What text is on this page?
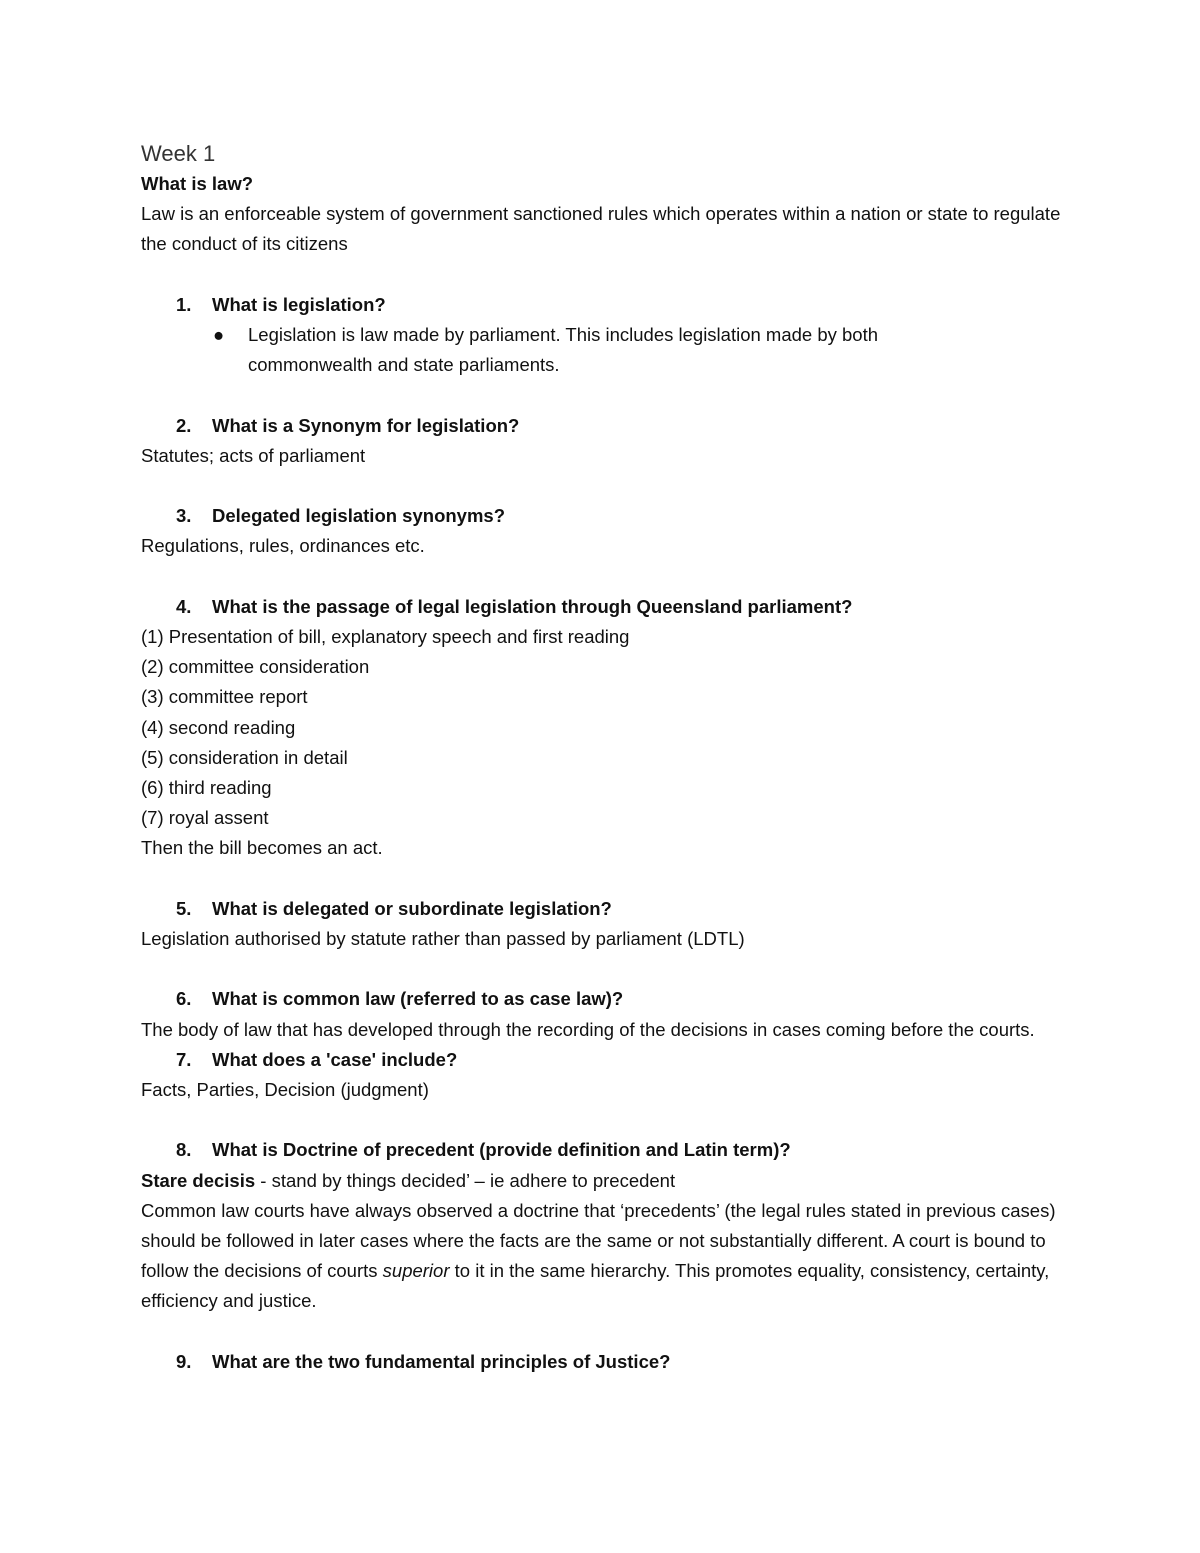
Week 1

What is law?

Law is an enforceable system of government sanctioned rules which operates within a nation or state to regulate the conduct of its citizens

1.	What is legislation?
●	Legislation is law made by parliament. This includes legislation made by both commonwealth and state parliaments.
2.	What is a Synonym for legislation?

Statutes; acts of parliament

3.	Delegated legislation synonyms?

Regulations, rules, ordinances etc.

4.	What is the passage of legal legislation through Queensland parliament?

(1) Presentation of bill, explanatory speech and first reading

(2) committee consideration

(3) committee report

(4) second reading

(5) consideration in detail

(6) third reading

(7) royal assent

Then the bill becomes an act.

5.	What is delegated or subordinate legislation?

Legislation authorised by statute rather than passed by parliament (LDTL)

6.	What is common law (referred to as case law)?

The body of law that has developed through the recording of the decisions in cases coming before the courts.

7.	What does a 'case' include?

Facts, Parties, Decision (judgment)

8.	What is Doctrine of precedent (provide definition and Latin term)?

Stare decisis - stand by things decided’ – ie adhere to precedent

Common law courts have always observed a doctrine that ‘precedents’ (the legal rules stated in previous cases) should be followed in later cases where the facts are the same or not substantially different. A court is bound to follow the decisions of courts superior to it in the same hierarchy. This promotes equality, consistency, certainty, efficiency and justice.

9.	What are the two fundamental principles of Justice?
